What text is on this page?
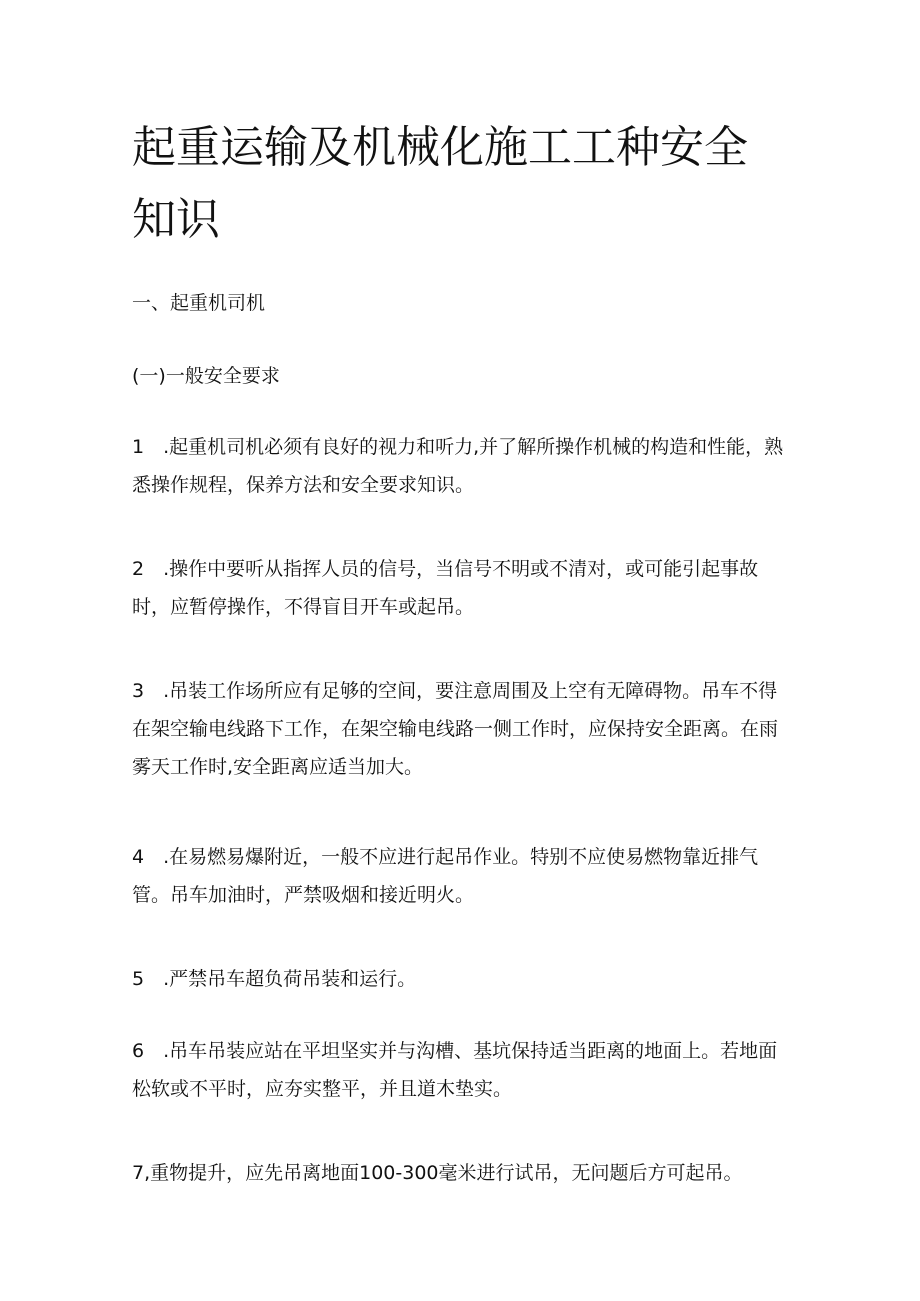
起重运输及机械化施工工种安全知识

一、起重机司机

(一)一般安全要求

1 .起重机司机必须有良好的视力和听力,并了解所操作机械的构造和性能，熟悉操作规程，保养方法和安全要求知识。

2 .操作中要听从指挥人员的信号，当信号不明或不清对，或可能引起事故时，应暂停操作，不得盲目开车或起吊。

3 .吊装工作场所应有足够的空间，要注意周围及上空有无障碍物。吊车不得在架空输电线路下工作，在架空输电线路一侧工作时，应保持安全距离。在雨雾天工作时,安全距离应适当加大。

4 .在易燃易爆附近，一般不应进行起吊作业。特别不应使易燃物靠近排气管。吊车加油时，严禁吸烟和接近明火。

5 .严禁吊车超负荷吊装和运行。

6 .吊车吊装应站在平坦坚实并与沟槽、基坑保持适当距离的地面上。若地面松软或不平时，应夯实整平，并且道木垫实。

7,重物提升，应先吊离地面100-300毫米进行试吊，无问题后方可起吊。
